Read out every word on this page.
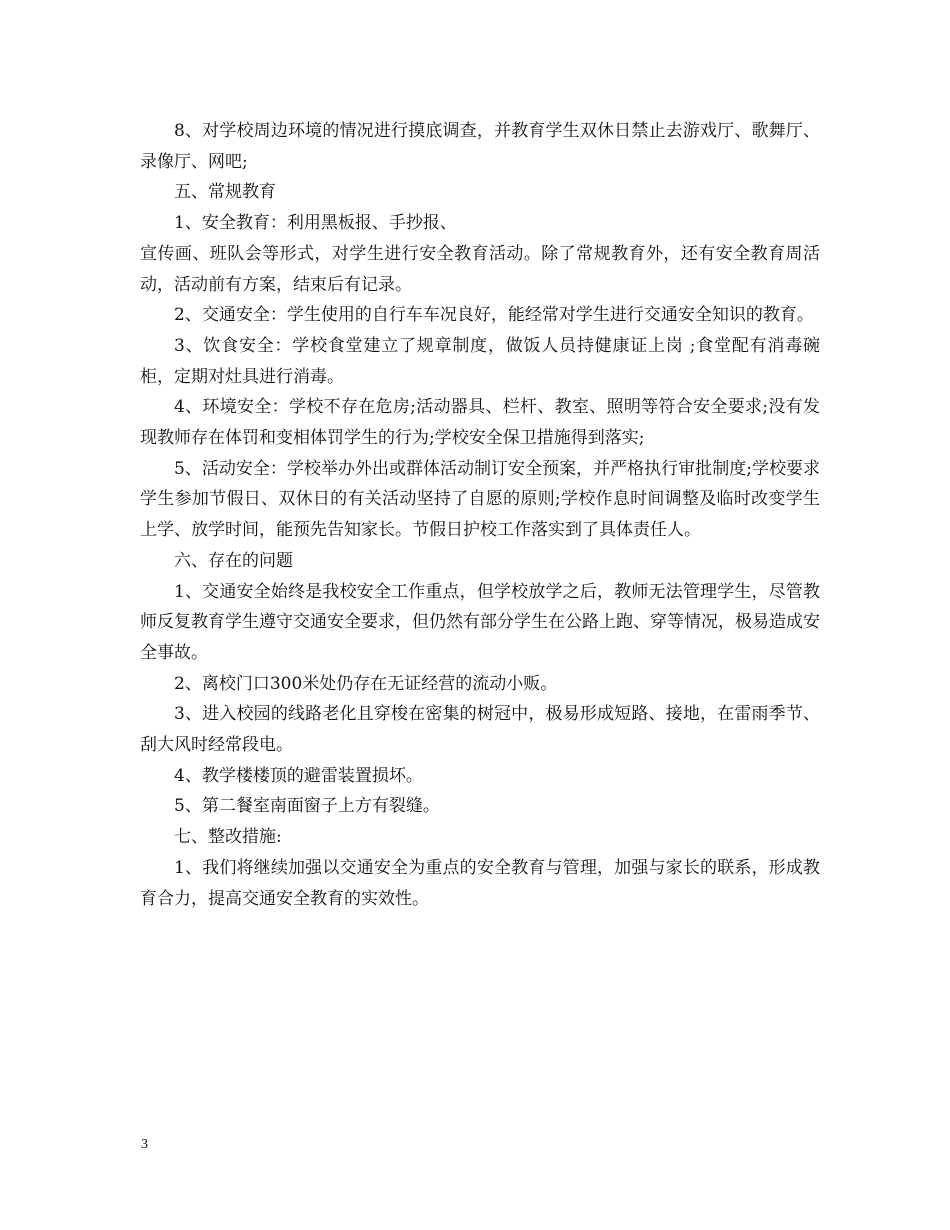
8、对学校周边环境的情况进行摸底调查，并教育学生双休日禁止去游戏厅、歌舞厅、录像厅、网吧;

五、常规教育

1、安全教育：利用黑板报、手抄报、

宣传画、班队会等形式，对学生进行安全教育活动。除了常规教育外，还有安全教育周活动，活动前有方案，结束后有记录。

2、交通安全：学生使用的自行车车况良好，能经常对学生进行交通安全知识的教育。

3、饮食安全：学校食堂建立了规章制度，做饭人员持健康证上岗 ;食堂配有消毒碗柜，定期对灶具进行消毒。

4、环境安全：学校不存在危房;活动器具、栏杆、教室、照明等符合安全要求;没有发现教师存在体罚和变相体罚学生的行为;学校安全保卫措施得到落实;

5、活动安全：学校举办外出或群体活动制订安全预案，并严格执行审批制度;学校要求学生参加节假日、双休日的有关活动坚持了自愿的原则;学校作息时间调整及临时改变学生上学、放学时间，能预先告知家长。节假日护校工作落实到了具体责任人。

六、存在的问题

1、交通安全始终是我校安全工作重点，但学校放学之后，教师无法管理学生，尽管教师反复教育学生遵守交通安全要求，但仍然有部分学生在公路上跑、穿等情况，极易造成安全事故。

2、离校门口300米处仍存在无证经营的流动小贩。

3、进入校园的线路老化且穿梭在密集的树冠中，极易形成短路、接地，在雷雨季节、刮大风时经常段电。

4、教学楼楼顶的避雷装置损坏。

5、第二餐室南面窗子上方有裂缝。

七、整改措施:

1、我们将继续加强以交通安全为重点的安全教育与管理，加强与家长的联系，形成教育合力，提高交通安全教育的实效性。

3
